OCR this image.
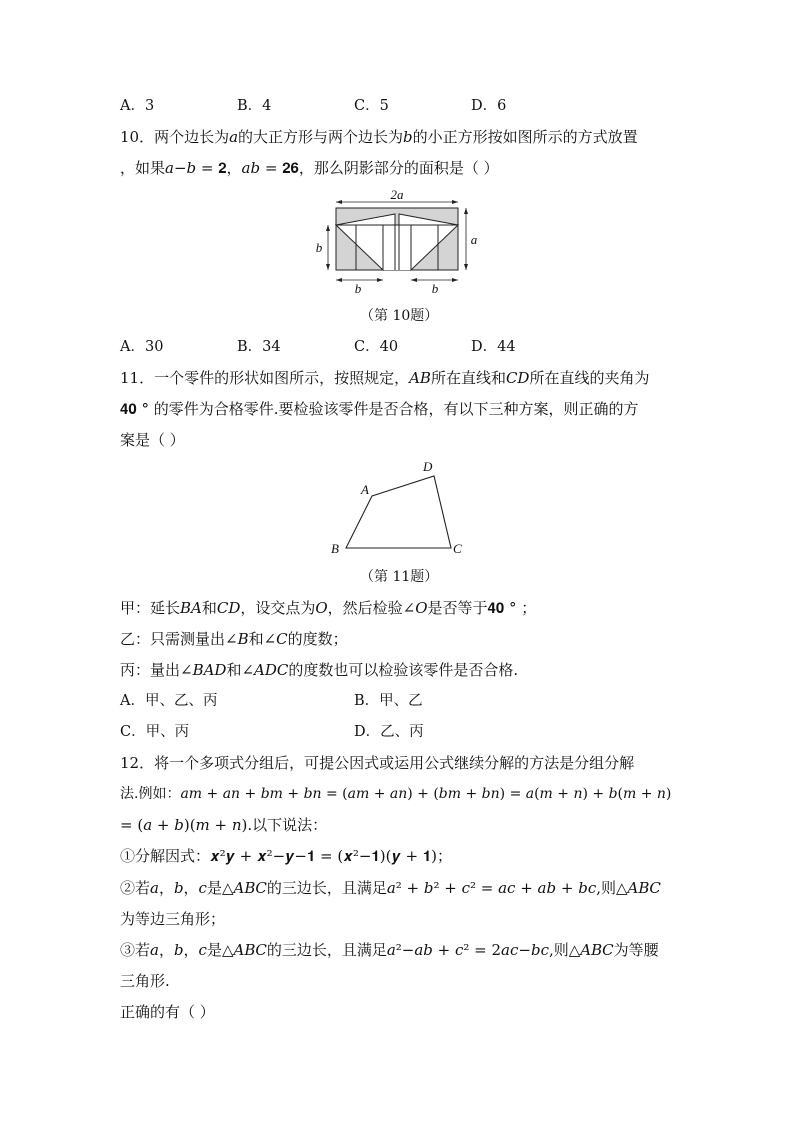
A．3	B．4	C．5	D．6
10．两个边长为𝑎的大正方形与两个边长为𝑏的小正方形按如图所示的方式放置
，如果𝑎−𝑏 = 𝟐，𝑎𝑏 = 𝟐𝟔，那么阴影部分的面积是（ ）
2a
b
a
b	b
（第 10题）
A．30	B．34	C．40	D．44
11．一个零件的形状如图所示，按照规定，𝐴𝐵所在直线和𝐶𝐷所在直线的夹角为
𝟒𝟎 ° 的零件为合格零件.要检验该零件是否合格，有以下三种方案，则正确的方
案是（ ）
A
D
B	C
（第 11题）
甲：延长𝐵𝐴和𝐶𝐷，设交点为𝑂，然后检验∠𝑂是否等于𝟒𝟎 ° ；
乙：只需测量出∠𝐵和∠𝐶的度数；
丙：量出∠𝐵𝐴𝐷和∠𝐴𝐷𝐶的度数也可以检验该零件是否合格.
A．甲、乙、丙	B．甲、乙
C．甲、丙	D．乙、丙
12．将一个多项式分组后，可提公因式或运用公式继续分解的方法是分组分解
法.例如：𝑎𝑚 + 𝑎𝑛 + 𝑏𝑚 + 𝑏𝑛 = (𝑎𝑚 + 𝑎𝑛) + (𝑏𝑚 + 𝑏𝑛) = 𝑎(𝑚 + 𝑛) + 𝑏(𝑚 + 𝑛)
= (𝑎 + 𝑏)(𝑚 + 𝑛).以下说法：
①分解因式：𝒙²𝒚 + 𝒙²−𝒚−𝟏 = (𝒙²−𝟏)(𝒚 + 𝟏)；
②若𝑎，𝑏，𝑐是△𝐴𝐵𝐶的三边长，且满足𝑎² + 𝑏² + 𝑐² = 𝑎𝑐 + 𝑎𝑏 + 𝑏𝑐,则△𝐴𝐵𝐶
为等边三角形；
③若𝑎，𝑏，𝑐是△𝐴𝐵𝐶的三边长，且满足𝑎²−𝑎𝑏 + 𝑐² = 2𝑎𝑐−𝑏𝑐,则△𝐴𝐵𝐶为等腰
三角形.
正确的有（ ）
